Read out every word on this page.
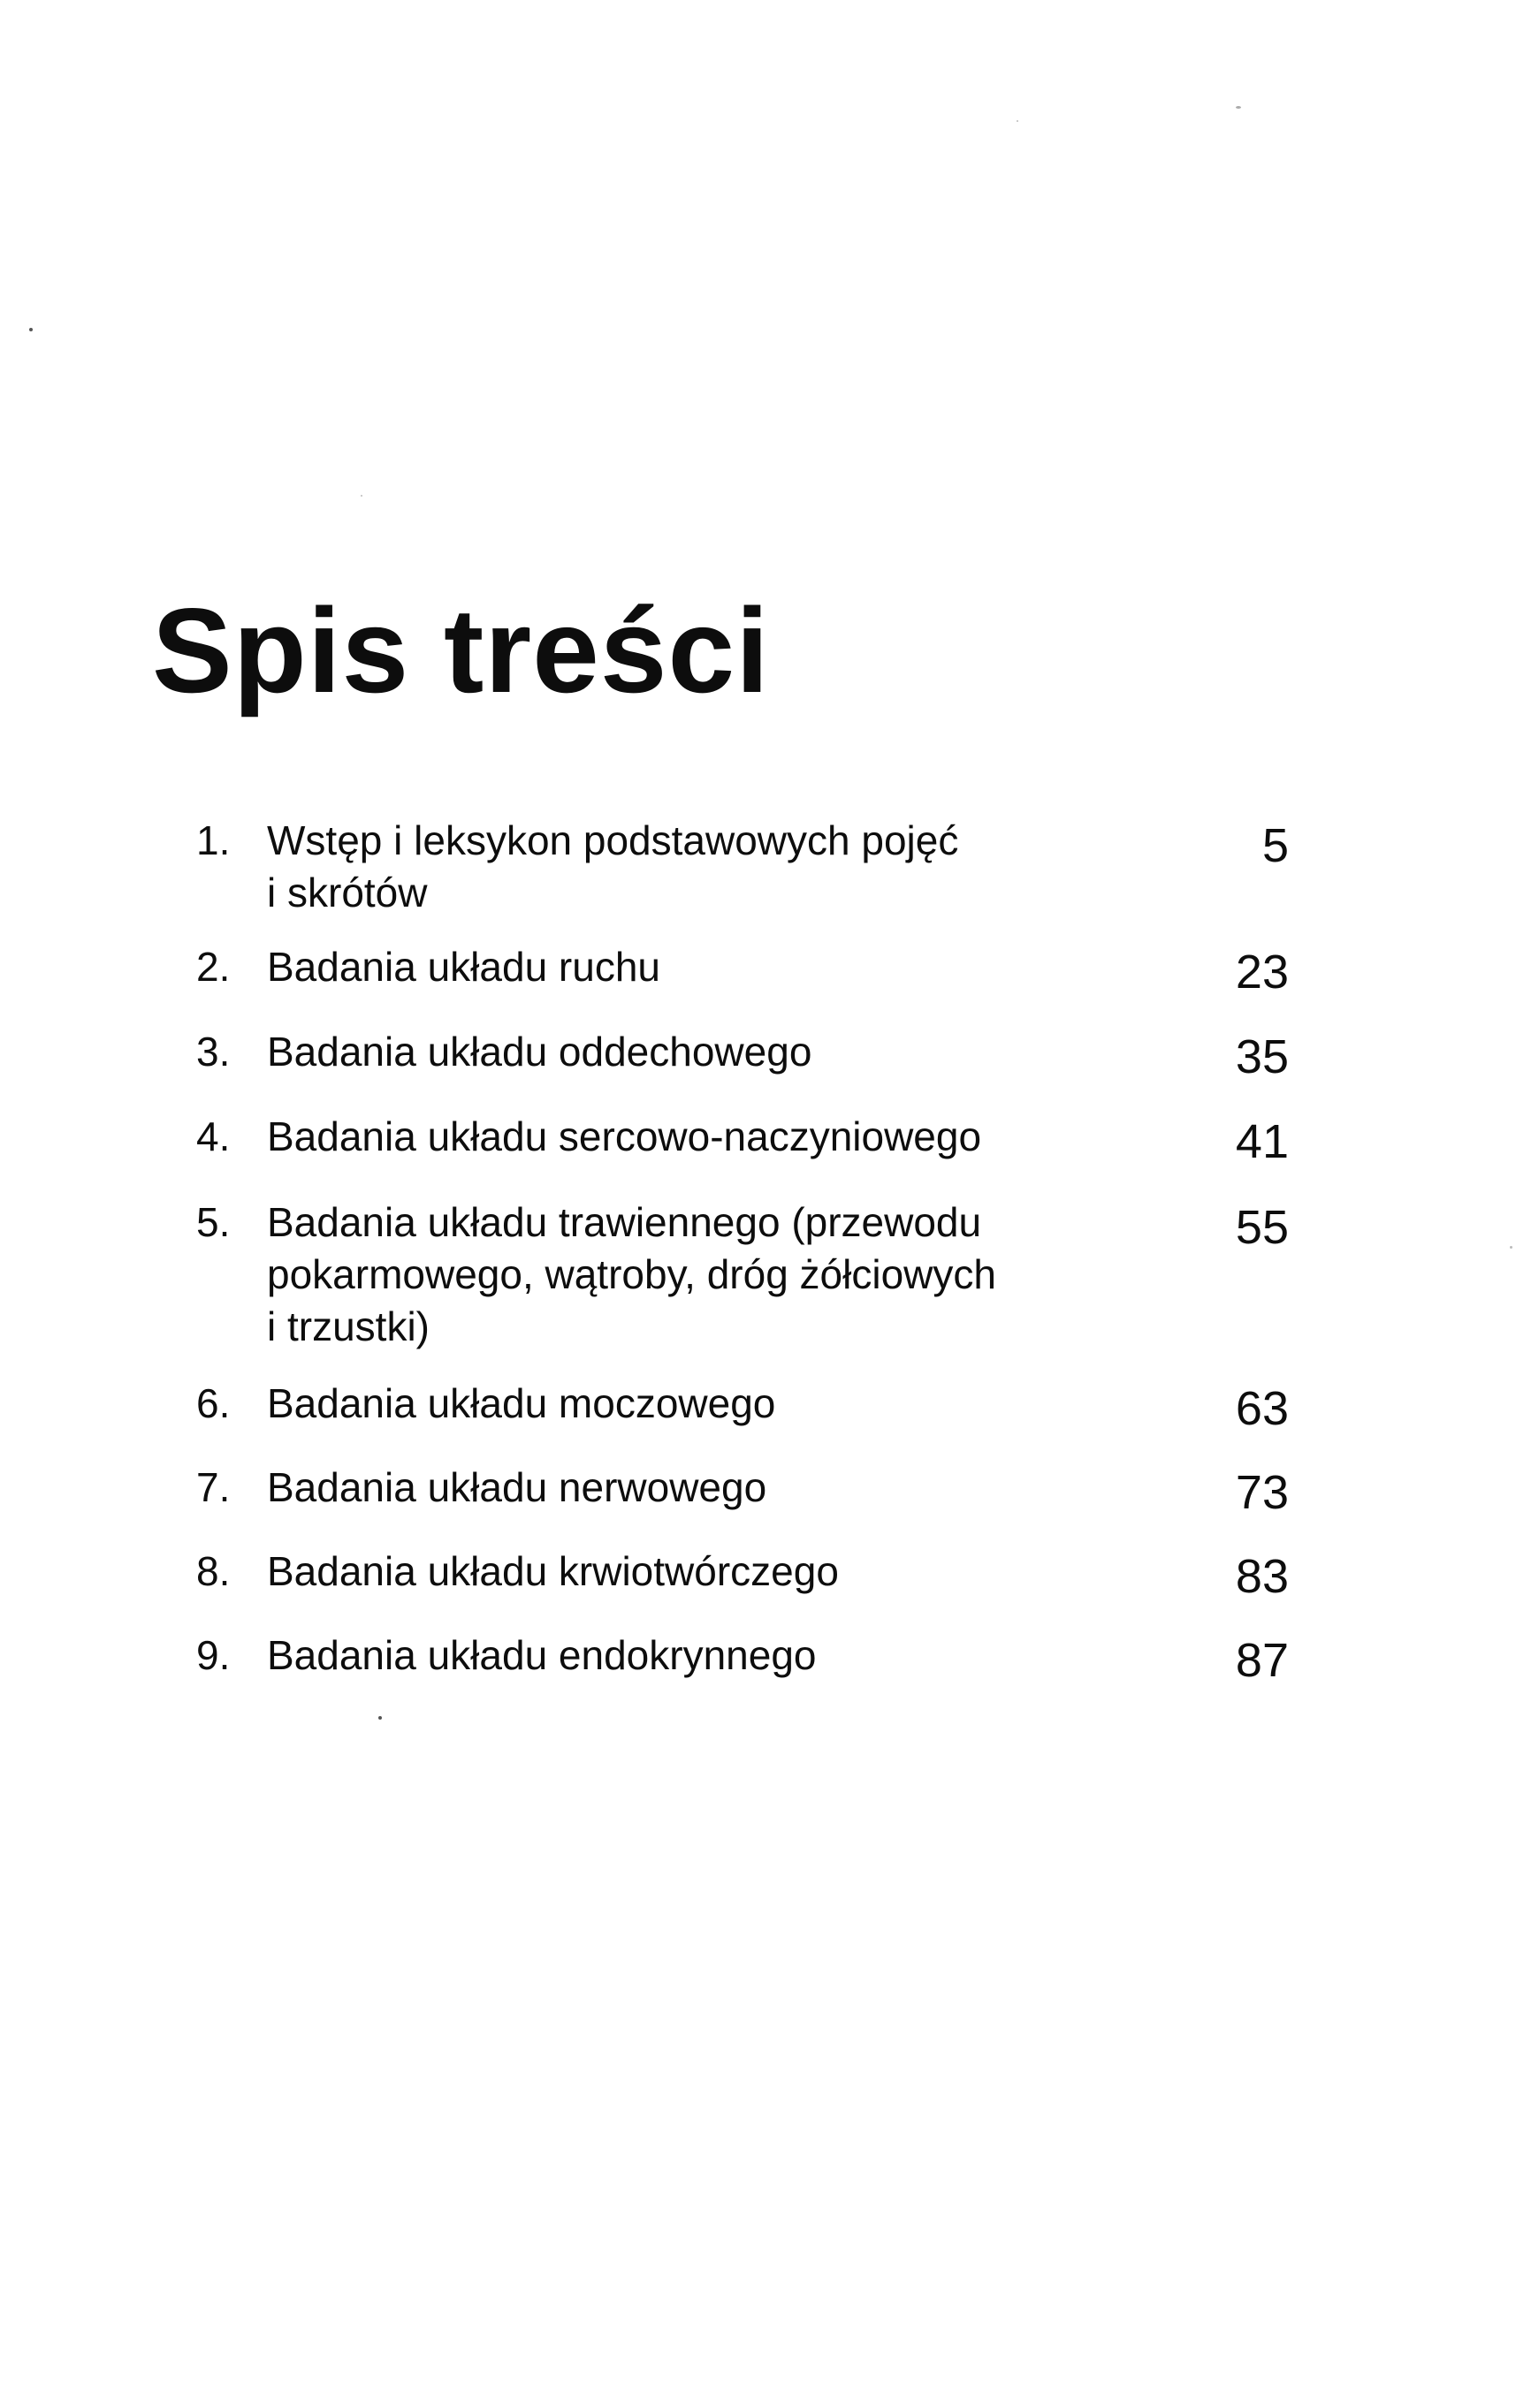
Spis treści
1. Wstęp i leksykon podstawowych pojęć
i skrótów
5
2. Badania układu ruchu	23
3. Badania układu oddechowego	35
4. Badania układu sercowo-naczyniowego	41
5. Badania układu trawiennego (przewodu
pokarmowego, wątroby, dróg żółciowych
i trzustki)
55
6. Badania układu moczowego	63
7. Badania układu nerwowego	73
8. Badania układu krwiotwórczego	83
9. Badania układu endokrynnego	87
